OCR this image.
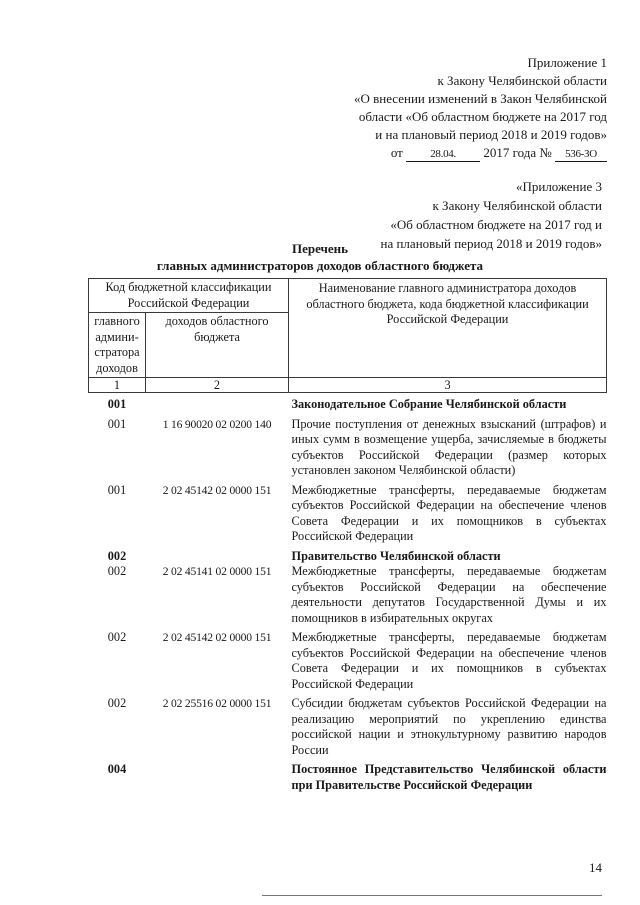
Приложение 1
к Закону Челябинской области
«О внесении изменений в Закон Челябинской
области «Об областном бюджете на 2017 год
и на плановый период 2018 и 2019 годов»
от 28.04. 2017 года № 536-ЗО
«Приложение 3
к Закону Челябинской области
«Об областном бюджете на 2017 год и
на плановый период 2018 и 2019 годов»
Перечень
главных администраторов доходов областного бюджета
Код бюджетной классификации Российской Федерации		Наименование главного администратора доходов областного бюджета, кода бюджетной классификации Российской Федерации
главного администратора доходов	доходов областного бюджета	
1	2	3
001		Законодательное Собрание Челябинской области
001	1 16 90020 02 0200 140	Прочие поступления от денежных взысканий (штрафов) и иных сумм в возмещение ущерба, зачисляемые в бюджеты субъектов Российской Федерации (размер которых установлен законом Челябинской области)
001	2 02 45142 02 0000 151	Межбюджетные трансферты, передаваемые бюджетам субъектов Российской Федерации на обеспечение членов Совета Федерации и их помощников в субъектах Российской Федерации
002		Правительство Челябинской области
002	2 02 45141 02 0000 151	Межбюджетные трансферты, передаваемые бюджетам субъектов Российской Федерации на обеспечение деятельности депутатов Государственной Думы и их помощников в избирательных округах
002	2 02 45142 02 0000 151	Межбюджетные трансферты, передаваемые бюджетам субъектов Российской Федерации на обеспечение членов Совета Федерации и их помощников в субъектах Российской Федерации
002	2 02 25516 02 0000 151	Субсидии бюджетам субъектов Российской Федерации на реализацию мероприятий по укреплению единства российской нации и этнокультурному развитию народов России
004		Постоянное Представительство Челябинской области при Правительстве Российской Федерации
14
